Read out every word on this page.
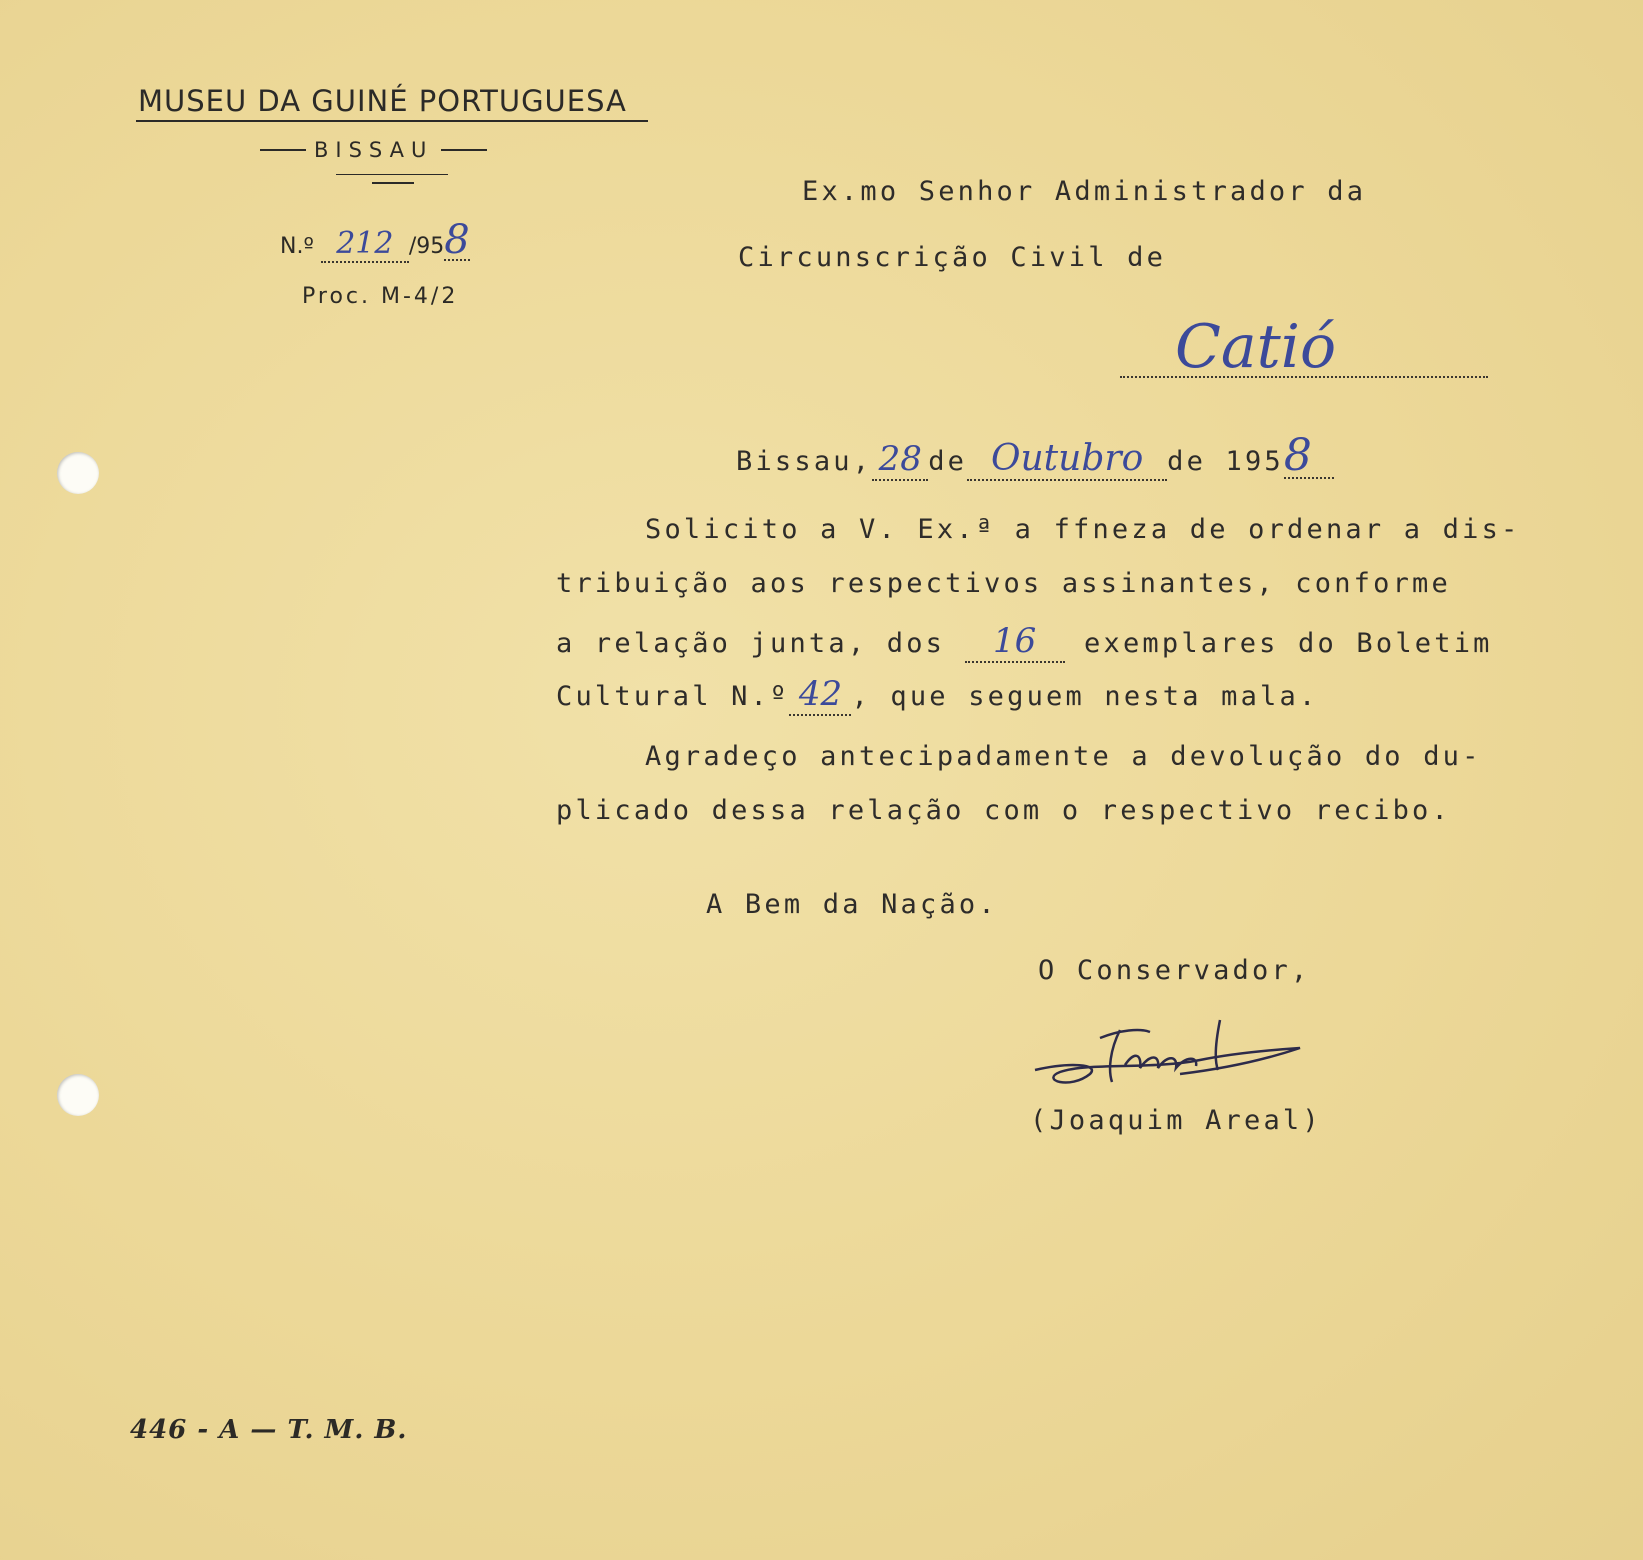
MUSEU DA GUINÉ PORTUGUESA
BISSAU
N.º 212 /958
Proc. M-4/2
Ex.mo Senhor Administrador da
Circunscrição Civil de
Catió
Bissau, 28 de Outubro de 1958
Solicito a V. Ex.ª a ffneza de ordenar a dis-
tribuição aos respectivos assinantes, conforme
a relação junta, dos 16 exemplares do Boletim
Cultural N.º 42 , que seguem nesta mala.
Agradeço antecipadamente a devolução do du-
plicado dessa relação com o respectivo recibo.
A Bem da Nação.
O Conservador,
(Joaquim Areal)
446 - A — T. M. B.
